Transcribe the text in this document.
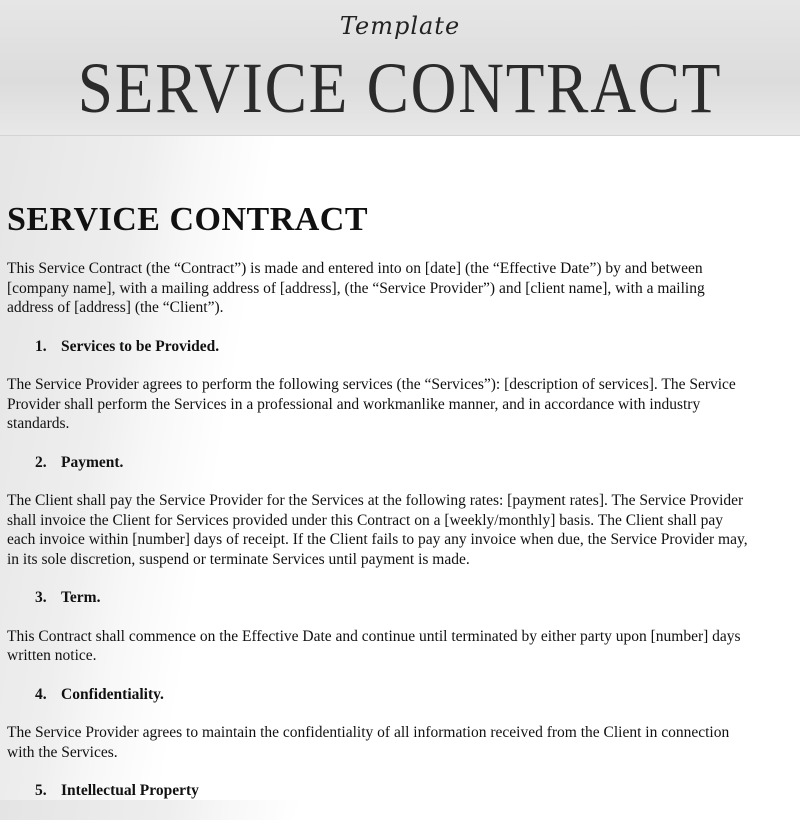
Template
SERVICE CONTRACT
SERVICE CONTRACT
This Service Contract (the “Contract”) is made and entered into on [date] (the “Effective Date”) by and between
[company name], with a mailing address of [address], (the “Service Provider”) and [client name], with a mailing
address of [address] (the “Client”).
1. Services to be Provided.
The Service Provider agrees to perform the following services (the “Services”): [description of services]. The Service
Provider shall perform the Services in a professional and workmanlike manner, and in accordance with industry
standards.
2. Payment.
The Client shall pay the Service Provider for the Services at the following rates: [payment rates]. The Service Provider
shall invoice the Client for Services provided under this Contract on a [weekly/monthly] basis. The Client shall pay
each invoice within [number] days of receipt. If the Client fails to pay any invoice when due, the Service Provider may,
in its sole discretion, suspend or terminate Services until payment is made.
3. Term.
This Contract shall commence on the Effective Date and continue until terminated by either party upon [number] days
written notice.
4. Confidentiality.
The Service Provider agrees to maintain the confidentiality of all information received from the Client in connection
with the Services.
5. Intellectual Property
